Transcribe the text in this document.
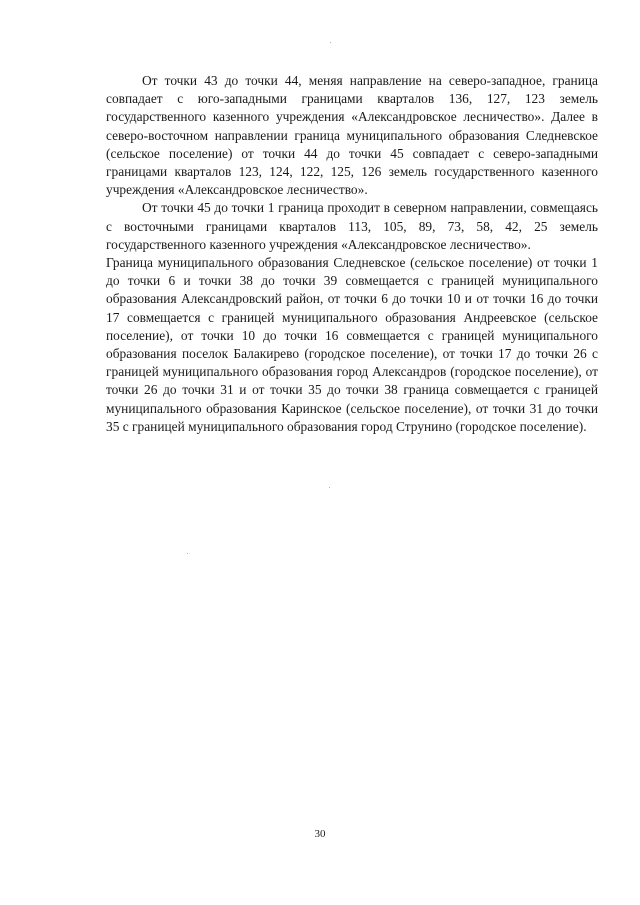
От точки 43 до точки 44, меняя направление на северо-западное, граница совпадает с юго-западными границами кварталов 136, 127, 123 земель государственного казенного учреждения «Александровское лесничество». Далее в северо-восточном направлении граница муниципального образования Следневское (сельское поселение) от точки 44 до точки 45 совпадает с северо-западными границами кварталов 123, 124, 122, 125, 126 земель государственного казенного учреждения «Александровское лесничество».

От точки 45 до точки 1 граница проходит в северном направлении, совмещаясь с восточными границами кварталов 113, 105, 89, 73, 58, 42, 25 земель государственного казенного учреждения «Александровское лесничество».

Граница муниципального образования Следневское (сельское поселение) от точки 1 до точки 6 и точки 38 до точки 39 совмещается с границей муниципального образования Александровский район, от точки 6 до точки 10 и от точки 16 до точки 17 совмещается с границей муниципального образования Андреевское (сельское поселение), от точки 10 до точки 16 совмещается с границей муниципального образования поселок Балакирево (городское поселение), от точки 17 до точки 26 с границей муниципального образования город Александров (городское поселение), от точки 26 до точки 31 и от точки 35 до точки 38 граница совмещается с границей муниципального образования Каринское (сельское поселение), от точки 31 до точки 35 с границей муниципального образования город Струнино (городское поселение).

30
